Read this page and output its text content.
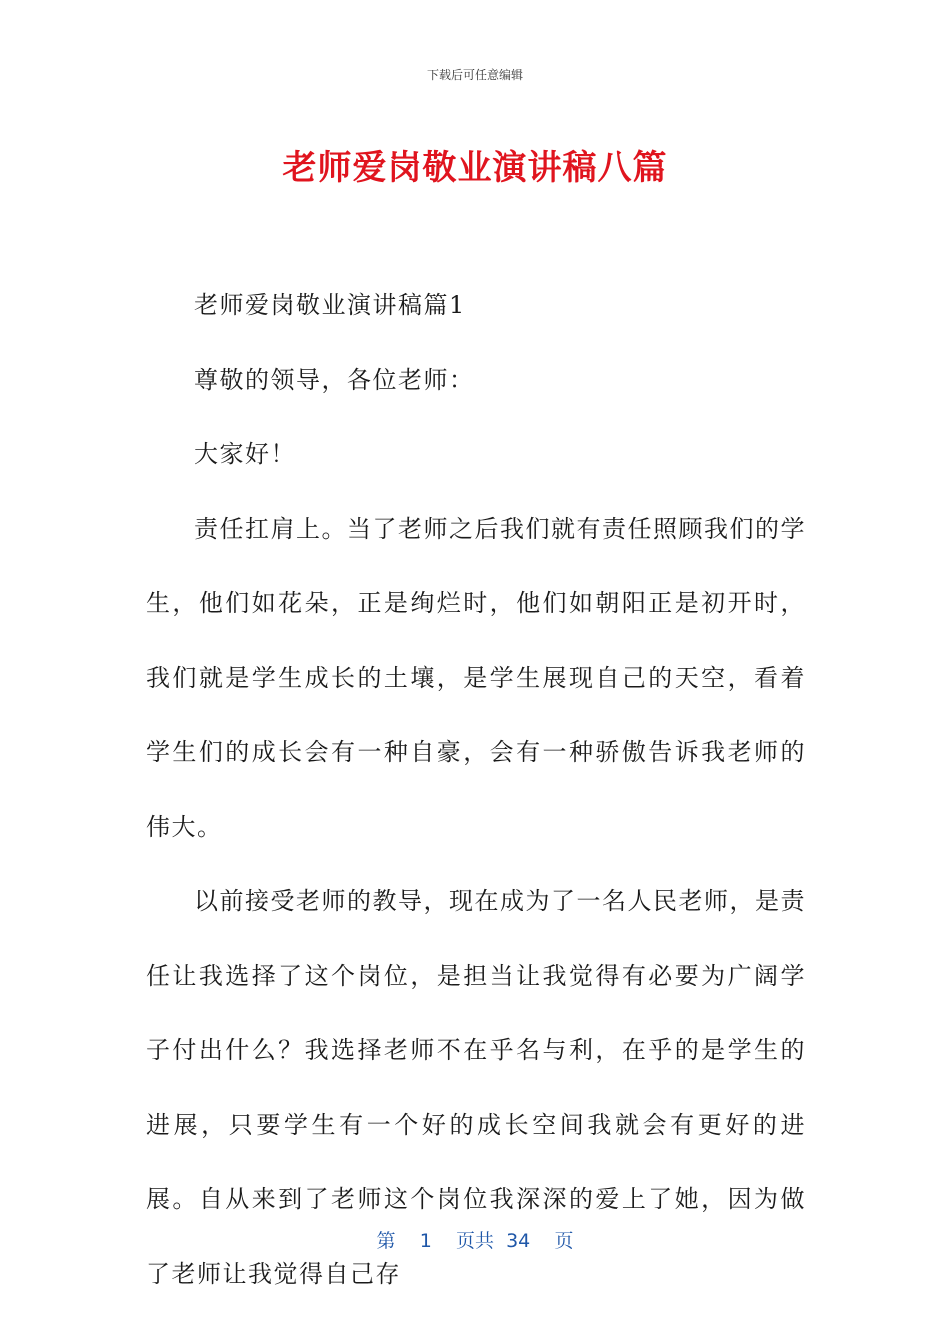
下载后可任意编辑
老师爱岗敬业演讲稿八篇

老师爱岗敬业演讲稿篇1

尊敬的领导，各位老师：

大家好！

责任扛肩上。当了老师之后我们就有责任照顾我们的学生，他们如花朵，正是绚烂时，他们如朝阳正是初开时，我们就是学生成长的土壤，是学生展现自己的天空，看着学生们的成长会有一种自豪，会有一种骄傲告诉我老师的伟大。

以前接受老师的教导，现在成为了一名人民老师，是责任让我选择了这个岗位，是担当让我觉得有必要为广阔学子付出什么？我选择老师不在乎名与利，在乎的是学生的进展，只要学生有一个好的成长空间我就会有更好的进展。自从来到了老师这个岗位我深深的爱上了她，因为做了老师让我觉得自己存

第 1 页共 34 页
